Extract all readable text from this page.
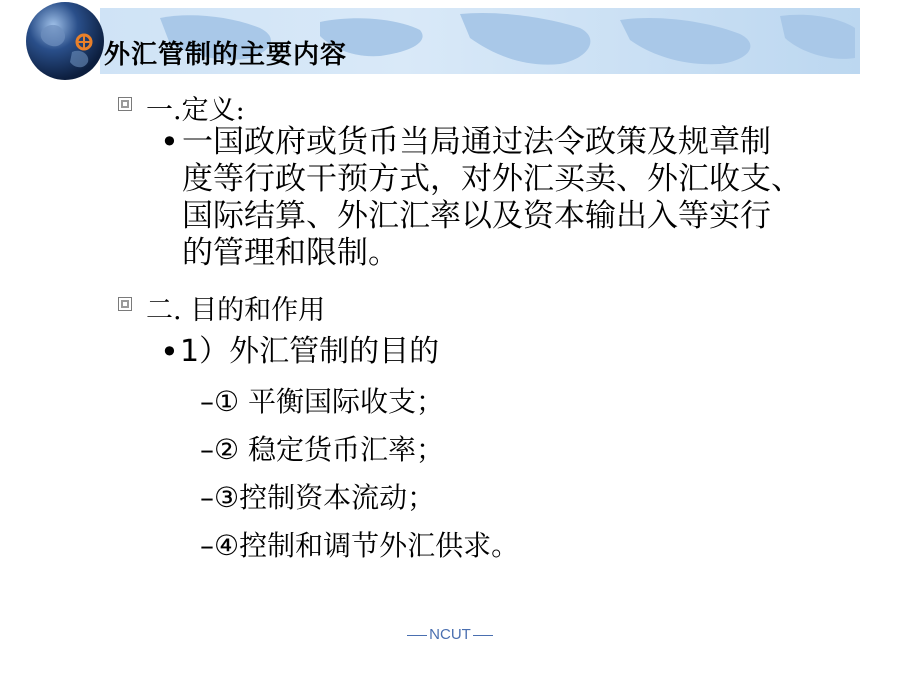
外汇管制的主要内容
一.定义:
• 一国政府或货币当局通过法令政策及规章制
度等行政干预方式，对外汇买卖、外汇收支、
国际结算、外汇汇率以及资本输出入等实行
的管理和限制。
二. 目的和作用
• 1）外汇管制的目的
–① 平衡国际收支；
–② 稳定货币汇率；
–③控制资本流动；
–④控制和调节外汇供求。
NCUT
